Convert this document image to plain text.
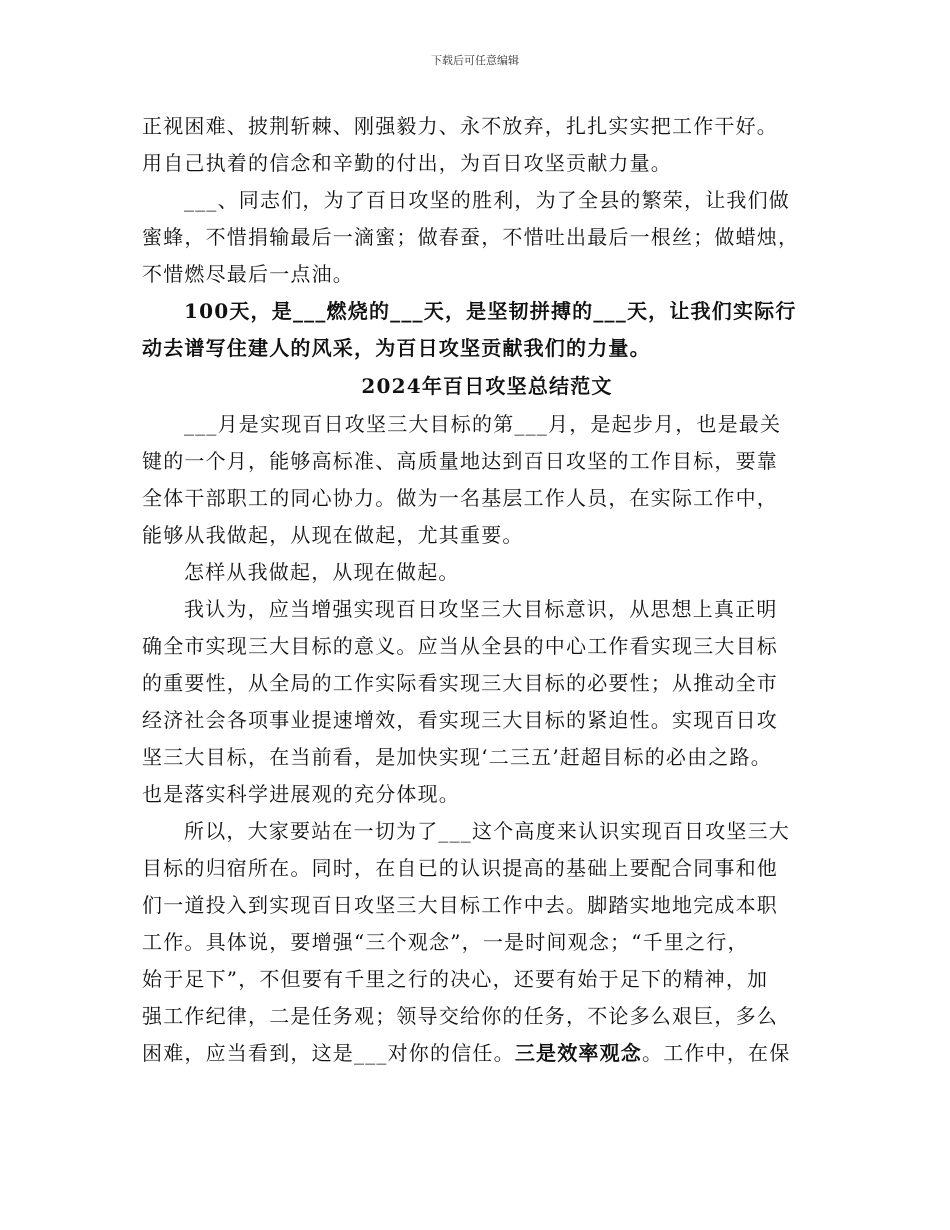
下载后可任意编辑
正视困难、披荆斩棘、刚强毅力、永不放弃，扎扎实实把工作干好。
用自己执着的信念和辛勤的付出，为百日攻坚贡献力量。
___、同志们，为了百日攻坚的胜利，为了全县的繁荣，让我们做
蜜蜂，不惜捐输最后一滴蜜；做春蚕，不惜吐出最后一根丝；做蜡烛，
不惜燃尽最后一点油。
100天，是___燃烧的___天，是坚韧拼搏的___天，让我们实际行
动去谱写住建人的风采，为百日攻坚贡献我们的力量。
2024年百日攻坚总结范文
___月是实现百日攻坚三大目标的第___月，是起步月，也是最关
键的一个月，能够高标准、高质量地达到百日攻坚的工作目标，要靠
全体干部职工的同心协力。做为一名基层工作人员，在实际工作中，
能够从我做起，从现在做起，尤其重要。
怎样从我做起，从现在做起。
我认为，应当增强实现百日攻坚三大目标意识，从思想上真正明
确全市实现三大目标的意义。应当从全县的中心工作看实现三大目标
的重要性，从全局的工作实际看实现三大目标的必要性；从推动全市
经济社会各项事业提速增效，看实现三大目标的紧迫性。实现百日攻
坚三大目标，在当前看，是加快实现‘二三五’赶超目标的必由之路。
也是落实科学进展观的充分体现。
所以，大家要站在一切为了___这个高度来认识实现百日攻坚三大
目标的归宿所在。同时，在自已的认识提高的基础上要配合同事和他
们一道投入到实现百日攻坚三大目标工作中去。脚踏实地地完成本职
工作。具体说，要增强“三个观念”，一是时间观念；“千里之行，
始于足下”，不但要有千里之行的决心，还要有始于足下的精神，加
强工作纪律，二是任务观；领导交给你的任务，不论多么艰巨，多么
困难，应当看到，这是___对你的信任。三是效率观念。工作中，在保
